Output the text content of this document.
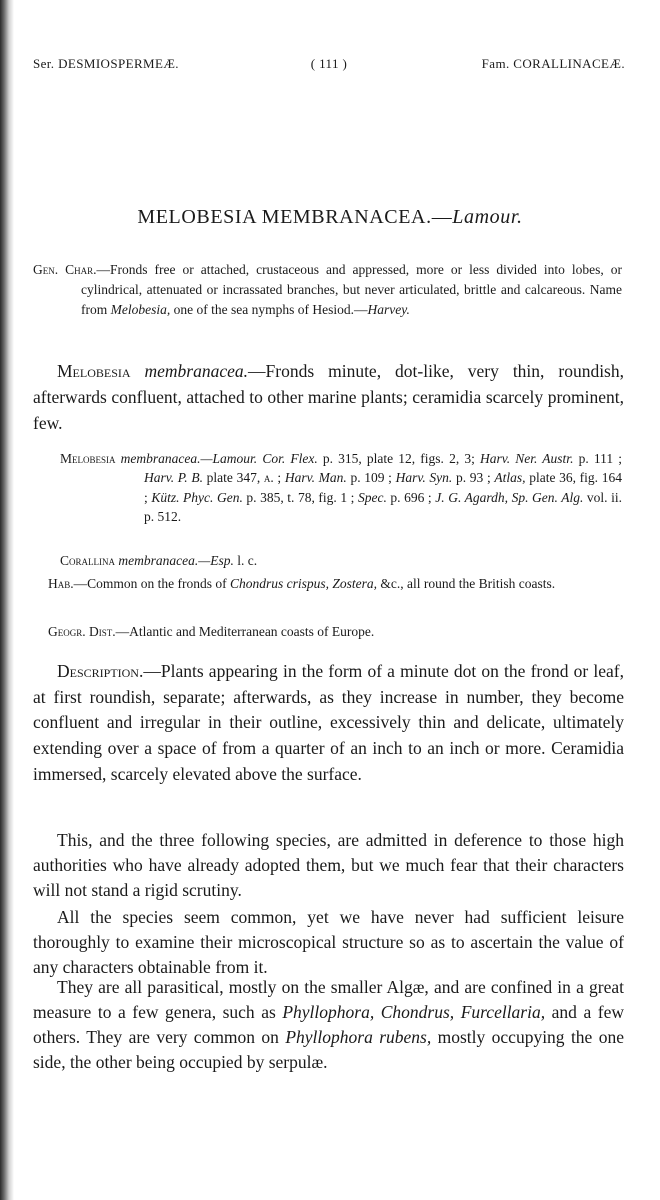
Ser. DESMIOSPERMEÆ.	( 111 )	Fam. CORALLINACEÆ.
MELOBESIA MEMBRANACEA.—Lamour.
Gen. Char.—Fronds free or attached, crustaceous and appressed, more or less divided into lobes, or cylindrical, attenuated or incrassated branches, but never articulated, brittle and calcareous. Name from Melobesia, one of the sea nymphs of Hesiod.—Harvey.
Melobesia membranacea.—Fronds minute, dot-like, very thin, roundish, afterwards confluent, attached to other marine plants; ceramidia scarcely prominent, few.
Melobesia membranacea.—Lamour. Cor. Flex. p. 315, plate 12, figs. 2, 3; Harv. Ner. Austr. p. 111 ; Harv. P. B. plate 347, a. ; Harv. Man. p. 109 ; Harv. Syn. p. 93 ; Atlas, plate 36, fig. 164 ; Kütz. Phyc. Gen. p. 385, t. 78, fig. 1 ; Spec. p. 696 ; J. G. Agardh, Sp. Gen. Alg. vol. ii. p. 512.
Corallina membranacea.—Esp. l. c.
Hab.—Common on the fronds of Chondrus crispus, Zostera, &c., all round the British coasts.
Geogr. Dist.—Atlantic and Mediterranean coasts of Europe.
Description.—Plants appearing in the form of a minute dot on the frond or leaf, at first roundish, separate; afterwards, as they increase in number, they become confluent and irregular in their outline, excessively thin and delicate, ultimately extending over a space of from a quarter of an inch to an inch or more. Ceramidia immersed, scarcely elevated above the surface.
This, and the three following species, are admitted in deference to those high authorities who have already adopted them, but we much fear that their characters will not stand a rigid scrutiny.
All the species seem common, yet we have never had sufficient leisure thoroughly to examine their microscopical structure so as to ascertain the value of any characters obtainable from it.
They are all parasitical, mostly on the smaller Algæ, and are confined in a great measure to a few genera, such as Phyllophora, Chondrus, Furcellaria, and a few others. They are very common on Phyllophora rubens, mostly occupying the one side, the other being occupied by serpulæ.
